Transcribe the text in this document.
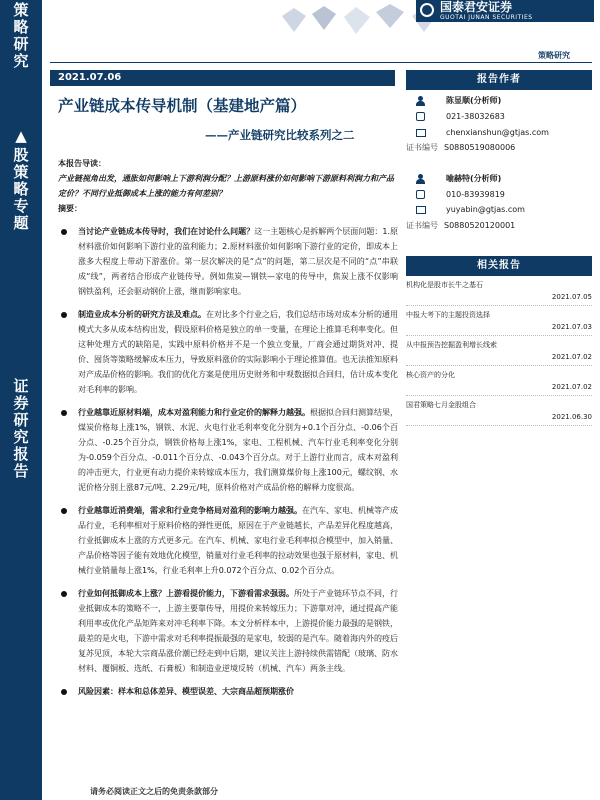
策
略
研
究
▲
股
策
略
专
题
证
券
研
究
报
告
国泰君安证券
GUOTAI JUNAN SECURITIES
策略研究
2021.07.06
产业链成本传导机制（基建地产篇）
——产业链研究比较系列之二

本报告导读：

产业链视角出发，通胀如何影响上下游利润分配？上游原料涨价如何影响下游原料利润力和产品定价？不同行业抵御成本上涨的能力有何差别？

摘要：

当讨论产业链成本传导时，我们在讨论什么问题？这一主题核心是拆解两个层面问题：1.原材料涨价如何影响下游行业的盈利能力；2.原材料涨价如何影响下游行业的定价，即成本上涨多大程度上带动下游涨价。第一层次解决的是“点”的问题，第二层次是不同的“点”串联成“线”，两者结合形成产业链传导。例如焦炭—钢铁—家电的传导中，焦炭上涨不仅影响钢铁盈利，还会驱动钢价上涨，继而影响家电。
制造业成本分析的研究方法及难点。在对比多个行业之后，我们总结市场对成本分析的通用模式大多从成本结构出发，假设原料价格是独立的单一变量，在理论上推算毛利率变化。但这种处理方式的缺陷是，实践中原料价格并不是一个独立变量，厂商会通过期货对冲、提价、囤货等策略缓解成本压力，导致原料涨价的实际影响小于理论推算值。也无法推知原料对产成品价格的影响。我们的优化方案是使用历史财务和中观数据拟合回归，估计成本变化对毛利率的影响。
行业越靠近原材料端，成本对盈利能力和行业定价的解释力越强。根据拟合回归测算结果，煤炭价格每上涨1%，钢铁、水泥、火电行业毛利率变化分别为+0.1个百分点、-0.06个百分点、-0.25个百分点，钢铁价格每上涨1%，家电、工程机械、汽车行业毛利率变化分别为-0.059个百分点、-0.011个百分点、-0.043个百分点。对于上游行业而言，成本对盈利的冲击更大，行业更有动力提价来转嫁成本压力，我们测算煤价每上涨100元，螺纹钢、水泥价格分别上涨87元/吨、2.29元/吨，原料价格对产成品价格的解释力度很高。
行业越靠近消费端，需求和行业竞争格局对盈利的影响力越强。在汽车、家电、机械等产成品行业，毛利率相对于原料价格的弹性更低，原因在于产业链越长，产品差异化程度越高，行业抵御成本上涨的方式更多元。在汽车、机械、家电行业毛利率拟合模型中，加入销量、产品价格等因子能有效地优化模型，销量对行业毛利率的拉动效果也强于原材料，家电、机械行业销量每上涨1%，行业毛利率上升0.072个百分点、0.02个百分点。
行业如何抵御成本上涨？上游看提价能力，下游看需求强弱。所处于产业链环节点不同，行业抵御成本的策略不一，上游主要靠传导，用提价来转嫁压力；下游靠对冲，通过提高产能利用率或优化产品矩阵来对冲毛利率下降。本文分析样本中，上游提价能力最强的是钢铁，最差的是火电，下游中需求对毛利率提振最强的是家电，较弱的是汽车。随着海内外的疫后复苏见顶，本轮大宗商品涨价潮已经走到中后期，建议关注上游持续供需错配（玻璃、防水材料、覆铜板、选纸、石膏板）和制造业逆境反转（机械、汽车）两条主线。
风险因素：样本和总体差异、模型误差、大宗商品超预期涨价
请务必阅读正文之后的免责条款部分
报告作者
陈显顺(分析师)
021-38032683
chenxianshun@gtjas.com
证书编号 S0880519080006
喻赫特(分析师)
010-83939819
yuyabin@gtjas.com
证书编号 S0880520120001
相关报告
机构化是股市长牛之基石
2021.07.05
中报大考下的主题投资选择
2021.07.03
从中报预告挖掘盈利增长线索
2021.07.02
核心资产的分化
2021.07.02
国君策略七月金股组合
2021.06.30
